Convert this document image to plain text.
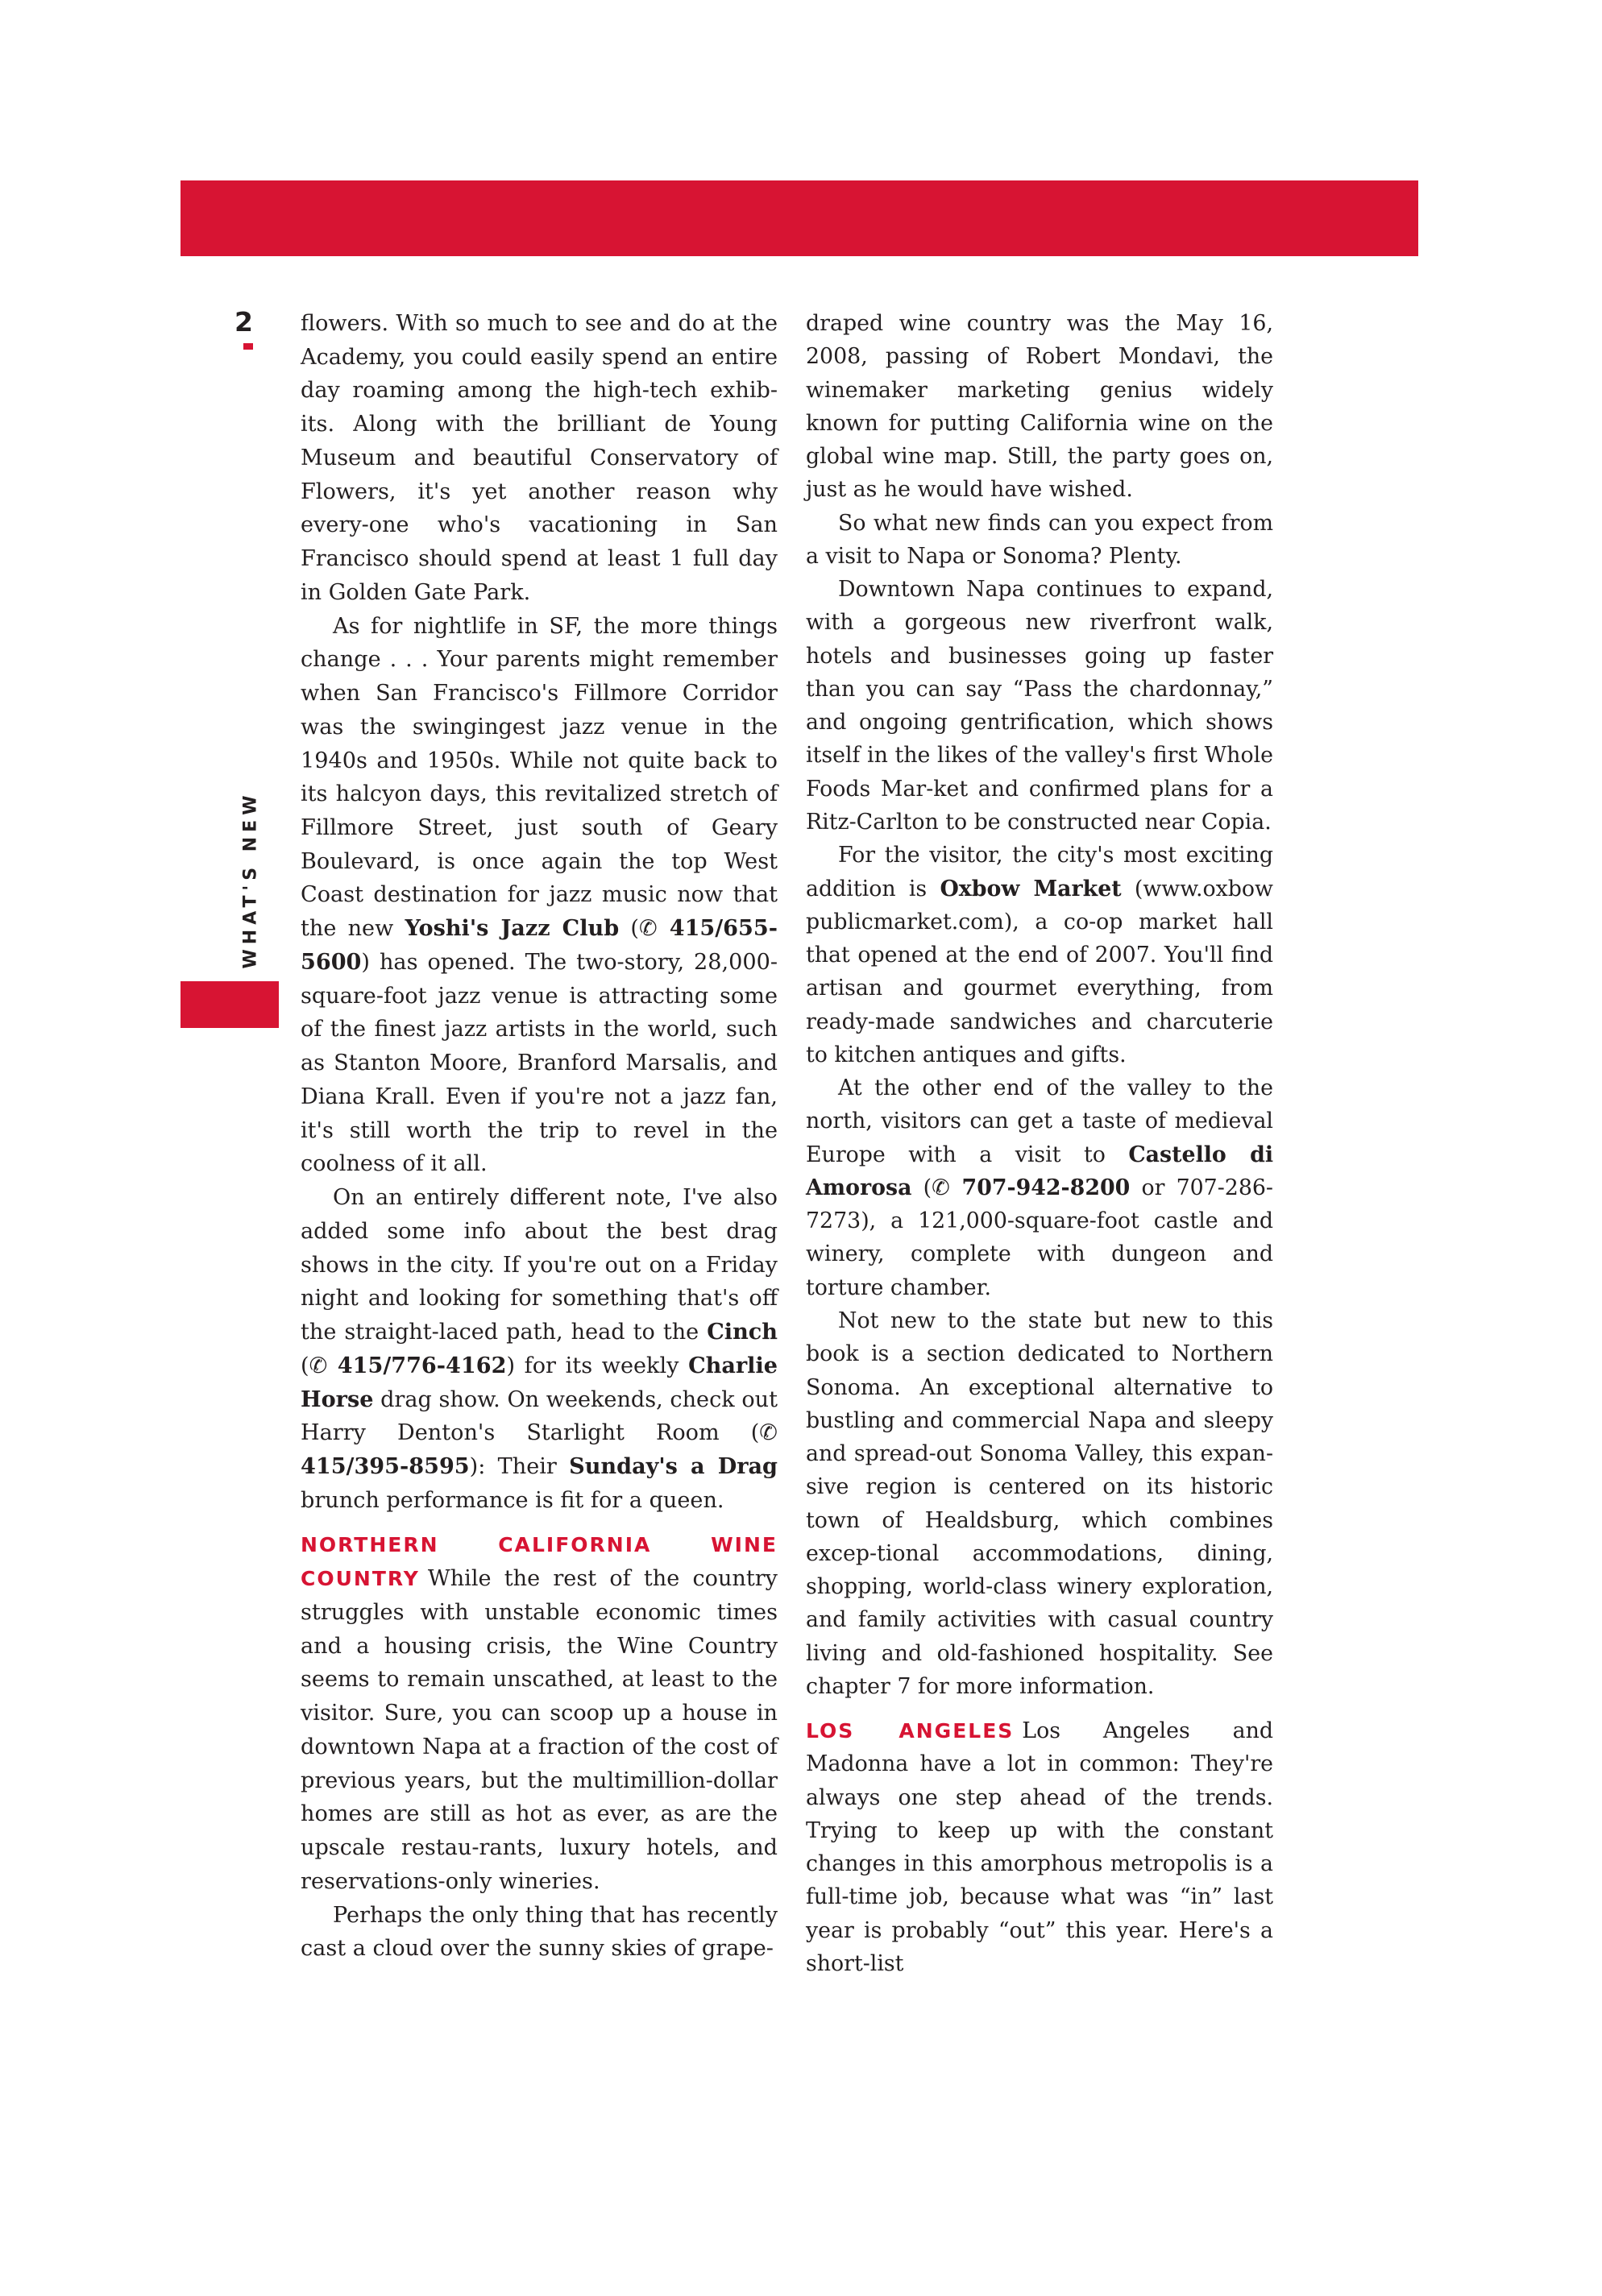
2
WHAT'S NEW

flowers. With so much to see and do at the Academy, you could easily spend an entire day roaming among the high-tech exhib-its. Along with the brilliant de Young Museum and beautiful Conservatory of Flowers, it's yet another reason why every-one who's vacationing in San Francisco should spend at least 1 full day in Golden Gate Park.

As for nightlife in SF, the more things change . . . Your parents might remember when San Francisco's Fillmore Corridor was the swingingest jazz venue in the 1940s and 1950s. While not quite back to its halcyon days, this revitalized stretch of Fillmore Street, just south of Geary Boulevard, is once again the top West Coast destination for jazz music now that the new Yoshi's Jazz Club (✆ 415/655-5600) has opened. The two-story, 28,000-square-foot jazz venue is attracting some of the finest jazz artists in the world, such as Stanton Moore, Branford Marsalis, and Diana Krall. Even if you're not a jazz fan, it's still worth the trip to revel in the coolness of it all.

On an entirely different note, I've also added some info about the best drag shows in the city. If you're out on a Friday night and looking for something that's off the straight-laced path, head to the Cinch (✆ 415/776-4162) for its weekly Charlie Horse drag show. On weekends, check out Harry Denton's Starlight Room (✆ 415/395-8595): Their Sunday's a Drag brunch performance is fit for a queen.

NORTHERN CALIFORNIA WINE COUNTRY While the rest of the country struggles with unstable economic times and a housing crisis, the Wine Country seems to remain unscathed, at least to the visitor. Sure, you can scoop up a house in downtown Napa at a fraction of the cost of previous years, but the multimillion-dollar homes are still as hot as ever, as are the upscale restau-rants, luxury hotels, and reservations-only wineries.

Perhaps the only thing that has recently cast a cloud over the sunny skies of grape-

draped wine country was the May 16, 2008, passing of Robert Mondavi, the winemaker marketing genius widely known for putting California wine on the global wine map. Still, the party goes on, just as he would have wished.

So what new finds can you expect from a visit to Napa or Sonoma? Plenty.

Downtown Napa continues to expand, with a gorgeous new riverfront walk, hotels and businesses going up faster than you can say “Pass the chardonnay,” and ongoing gentrification, which shows itself in the likes of the valley's first Whole Foods Mar-ket and confirmed plans for a Ritz-Carlton to be constructed near Copia.

For the visitor, the city's most exciting addition is Oxbow Market (www.oxbow publicmarket.com), a co-op market hall that opened at the end of 2007. You'll find artisan and gourmet everything, from ready-made sandwiches and charcuterie to kitchen antiques and gifts.

At the other end of the valley to the north, visitors can get a taste of medieval Europe with a visit to Castello di Amorosa (✆ 707-942-8200 or 707-286-7273), a 121,000-square-foot castle and winery, complete with dungeon and torture chamber.

Not new to the state but new to this book is a section dedicated to Northern Sonoma. An exceptional alternative to bustling and commercial Napa and sleepy and spread-out Sonoma Valley, this expan-sive region is centered on its historic town of Healdsburg, which combines excep-tional accommodations, dining, shopping, world-class winery exploration, and family activities with casual country living and old-fashioned hospitality. See chapter 7 for more information.

LOS ANGELES Los Angeles and Madonna have a lot in common: They're always one step ahead of the trends. Trying to keep up with the constant changes in this amorphous metropolis is a full-time job, because what was “in” last year is probably “out” this year. Here's a short-list
